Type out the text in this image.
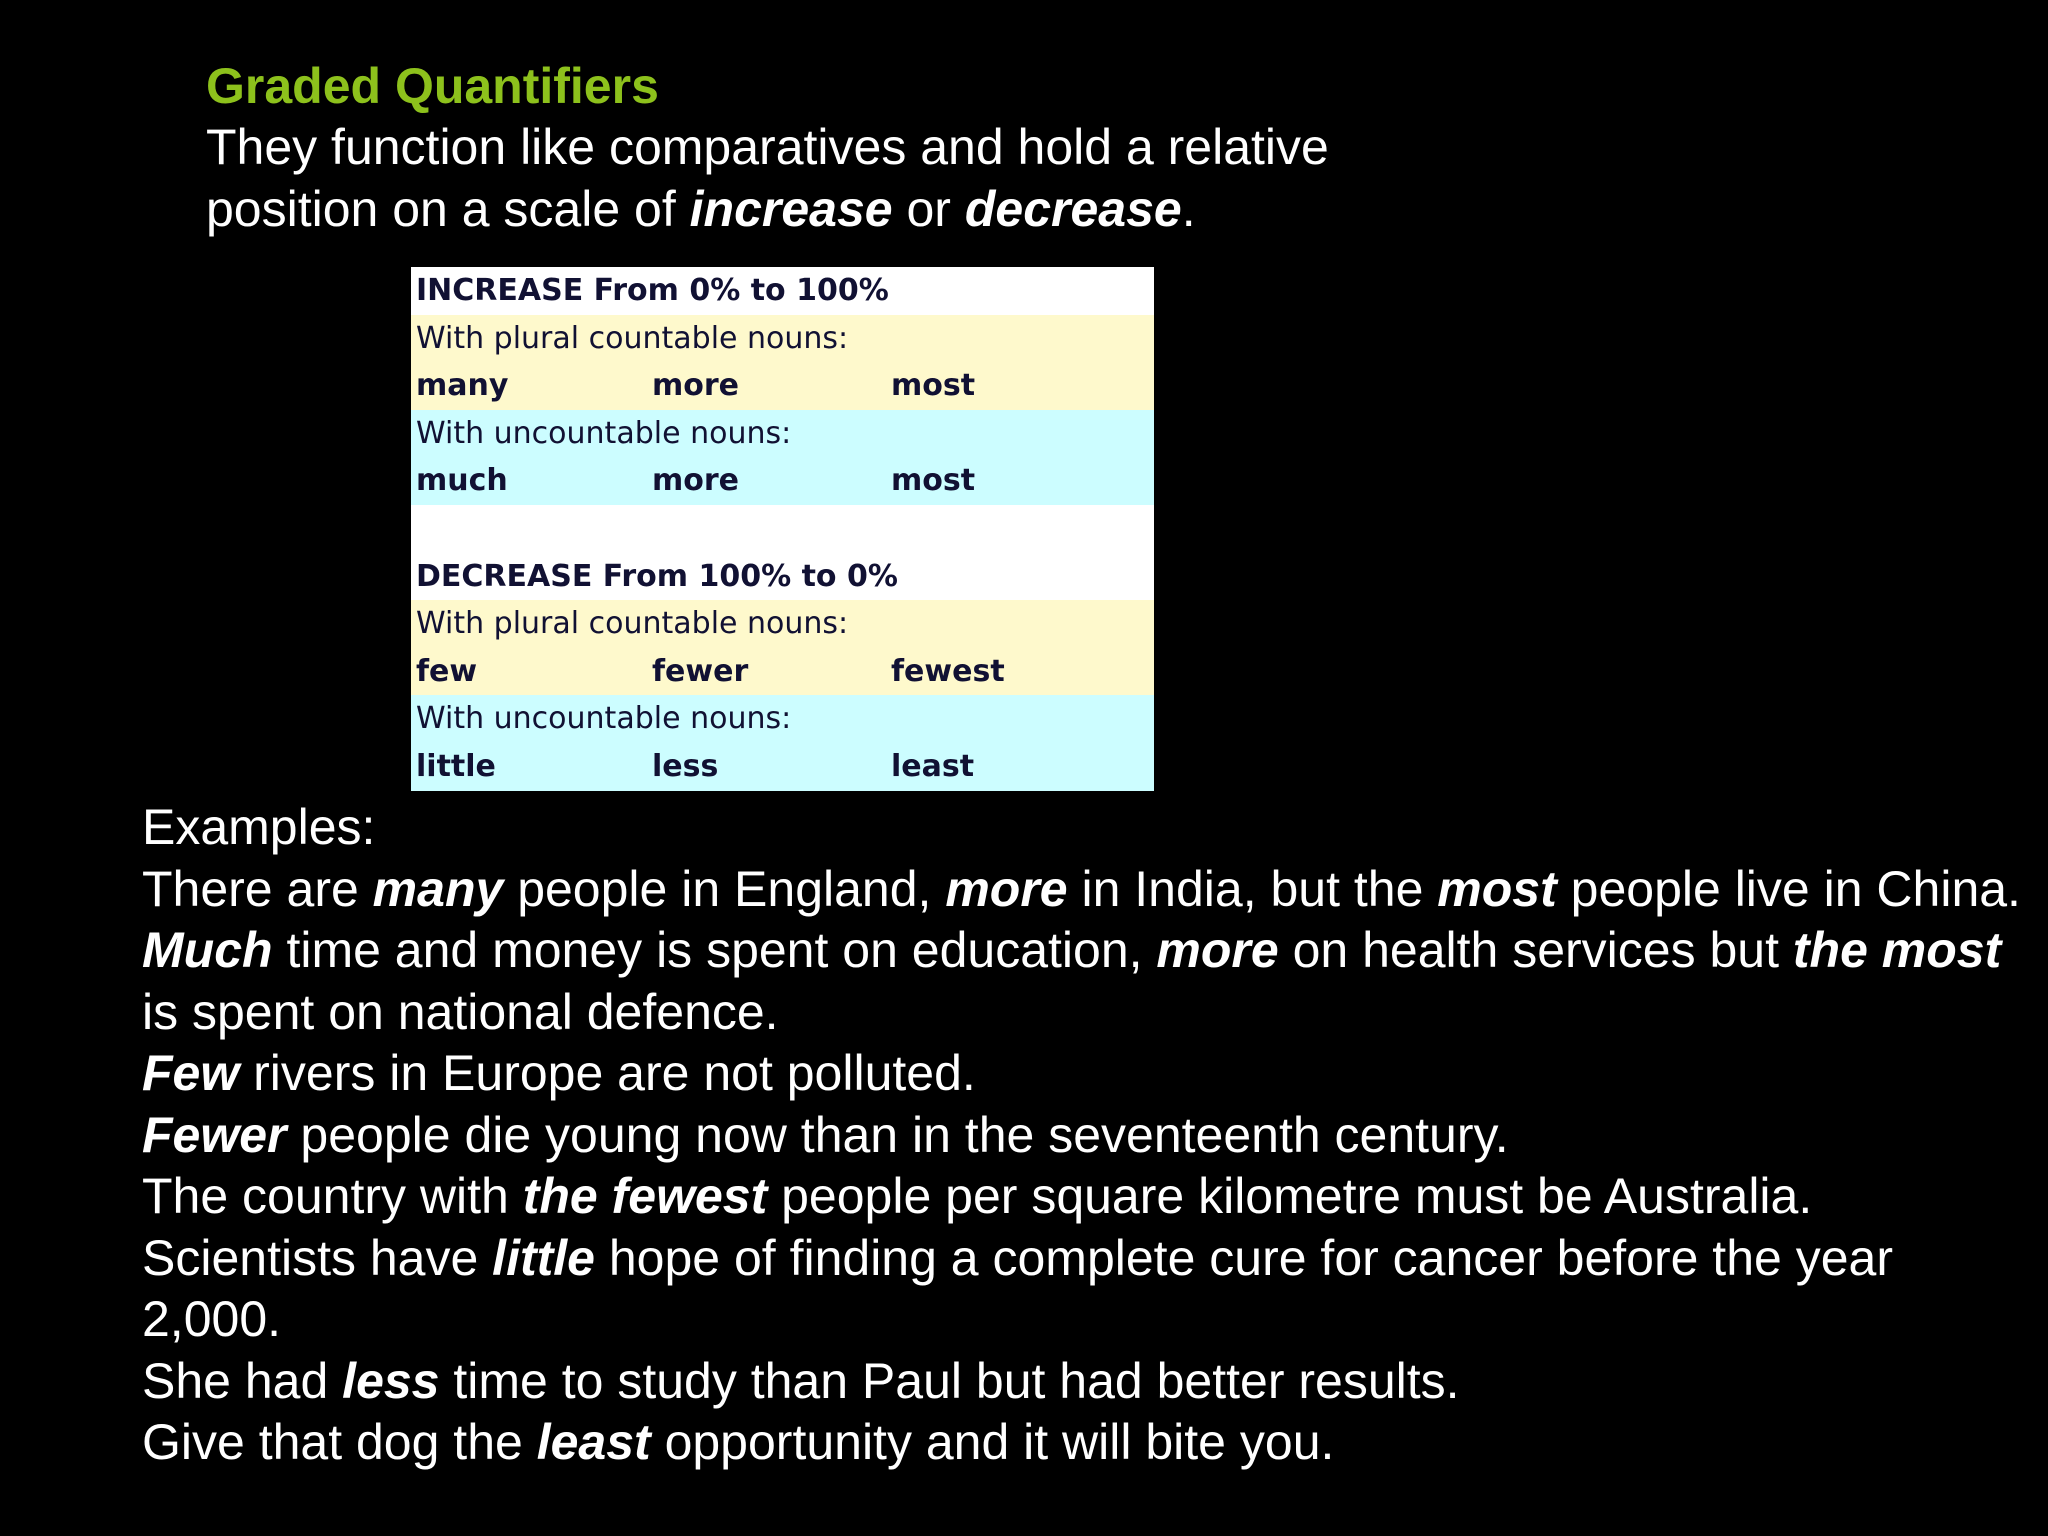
Graded Quantifiers
They function like comparatives and hold a relative
position on a scale of increase or decrease.
INCREASE From 0% to 100%
With plural countable nouns:
many	more	most
With uncountable nouns:
much	more	most
DECREASE From 100% to 0%
With plural countable nouns:
few	fewer	fewest
With uncountable nouns:
little	less	least
Examples:
There are many people in England, more in India, but the most people live in China.
Much time and money is spent on education, more on health services but the most is spent on national defence.
Few rivers in Europe are not polluted.
Fewer people die young now than in the seventeenth century.
The country with the fewest people per square kilometre must be Australia.
Scientists have little hope of finding a complete cure for cancer before the year 2,000.
She had less time to study than Paul but had better results.
Give that dog the least opportunity and it will bite you.
